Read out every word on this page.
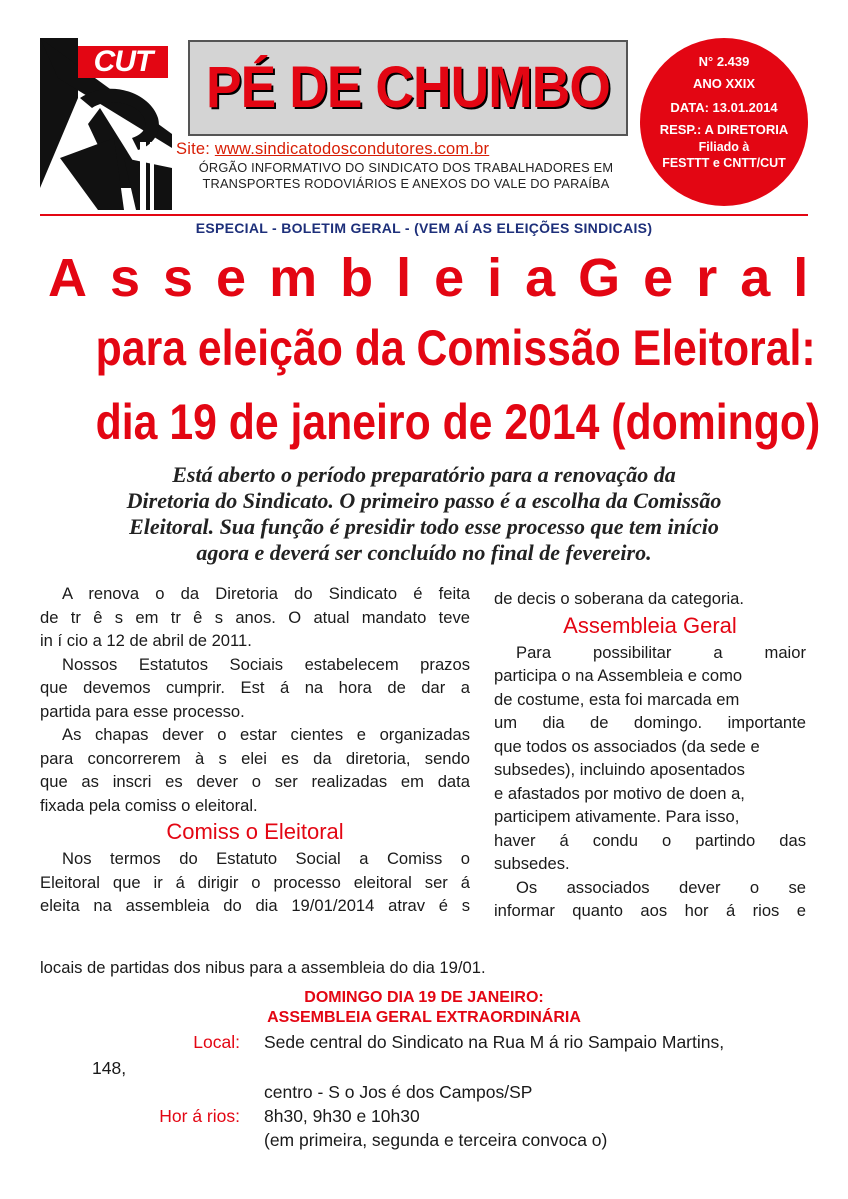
CUT PÉ DE CHUMBO
Site: www.sindicatodoscondutores.com.br
ÓRGÃO INFORMATIVO DO SINDICATO DOS TRABALHADORES EM
TRANSPORTES RODOVIÁRIOS E ANEXOS DO VALE DO PARAÍBA
N° 2.439
ANO XXIX
DATA: 13.01.2014
RESP.: A DIRETORIA
Filiado à
FESTTT e CNTT/CUT
ESPECIAL - BOLETIM GERAL - (VEM AÍ AS ELEIÇÕES SINDICAIS)
Assembleia Geral
para eleição da Comissão Eleitoral:
dia 19 de janeiro de 2014 (domingo)
Está aberto o período preparatório para a renovação da
Diretoria do Sindicato. O primeiro passo é a escolha da Comissão
Eleitoral. Sua função é presidir todo esse processo que tem início
agora e deverá ser concluído no final de fevereiro.

A renova o da Diretoria do Sindicato é feita

de tr ê s em tr ê s anos. O atual mandato teve

in í cio a 12 de abril de 2011.

Nossos Estatutos Sociais estabelecem prazos

que devemos cumprir. Est á na hora de dar a

partida para esse processo.

As chapas dever o estar cientes e organizadas

para concorrerem à s elei es da diretoria, sendo

que as inscri es dever o ser realizadas em data

fixada pela comiss o eleitoral.

Comiss o Eleitoral

Nos termos do Estatuto Social a Comiss o

Eleitoral que ir á dirigir o processo eleitoral ser á

eleita na assembleia do dia 19/01/2014 atrav é s

de decis o soberana da categoria.

Assembleia Geral

Para possibilitar a maior

participa o na Assembleia e como

de costume, esta foi marcada em

um dia de domingo. importante

que todos os associados (da sede e

subsedes), incluindo aposentados

e afastados por motivo de doen a,

participem ativamente. Para isso,

haver á condu o partindo das

subsedes.

Os associados dever o se

informar quanto aos hor á rios e

locais de partidas dos nibus para a assembleia do dia 19/01.
DOMINGO DIA 19 DE JANEIRO:
ASSEMBLEIA GERAL EXTRAORDINÁRIA
Local: Sede central do Sindicato na Rua M á rio Sampaio Martins,
148,
centro - S o Jos é dos Campos/SP
Hor á rios: 8h30, 9h30 e 10h30
(em primeira, segunda e terceira convoca o)
